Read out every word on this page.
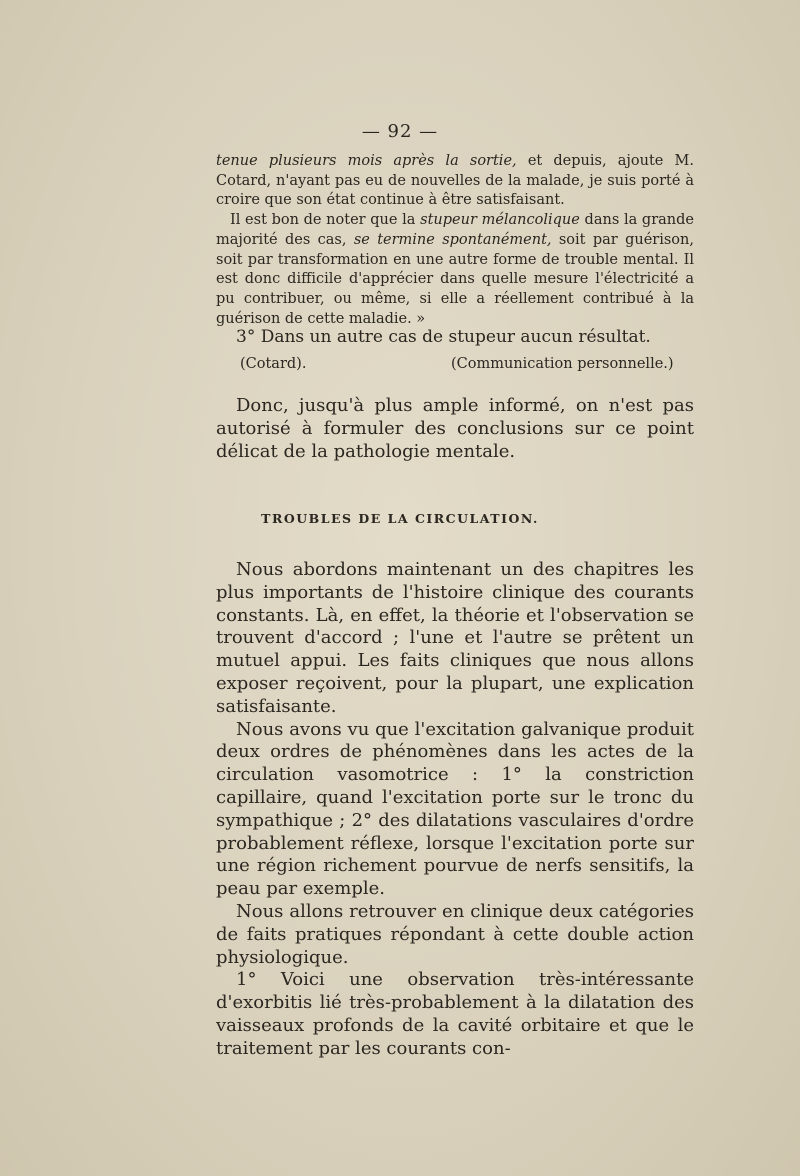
— 92 —

tenue plusieurs mois après la sortie, et depuis, ajoute M. Cotard, n'ayant pas eu de nouvelles de la malade, je suis porté à croire que son état continue à être satisfaisant.

Il est bon de noter que la stupeur mélancolique dans la grande majorité des cas, se termine spontanément, soit par guérison, soit par transformation en une autre forme de trouble mental. Il est donc difficile d'apprécier dans quelle mesure l'électricité a pu contribuer, ou même, si elle a réellement contribué à la guérison de cette maladie. »

3° Dans un autre cas de stupeur aucun résultat.
(Cotard).	(Communication personnelle.)

Donc, jusqu'à plus ample informé, on n'est pas autorisé à formuler des conclusions sur ce point délicat de la pathologie mentale.

TROUBLES DE LA CIRCULATION.

Nous abordons maintenant un des chapitres les plus importants de l'histoire clinique des courants constants. Là, en effet, la théorie et l'observation se trouvent d'accord ; l'une et l'autre se prêtent un mutuel appui. Les faits cliniques que nous allons exposer reçoivent, pour la plupart, une explication satisfaisante.

Nous avons vu que l'excitation galvanique produit deux ordres de phénomènes dans les actes de la circulation vasomotrice : 1° la constriction capillaire, quand l'excitation porte sur le tronc du sympathique ; 2° des dilatations vasculaires d'ordre probablement réflexe, lorsque l'excitation porte sur une région richement pourvue de nerfs sensitifs, la peau par exemple.

Nous allons retrouver en clinique deux catégories de faits pratiques répondant à cette double action physiologique.

1° Voici une observation très-intéressante d'exorbitis lié très-probablement à la dilatation des vaisseaux profonds de la cavité orbitaire et que le traitement par les courants con-
